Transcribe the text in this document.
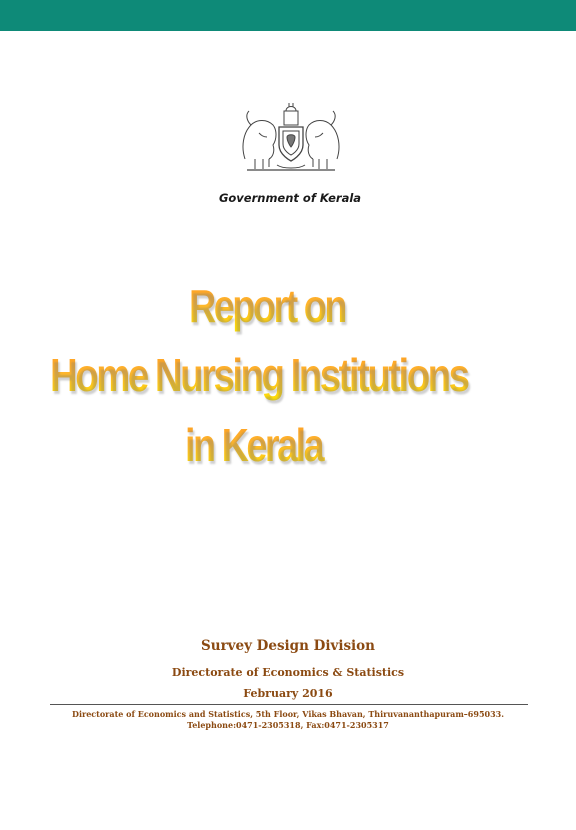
Government of Kerala
Report on
Home Nursing Institutions
in Kerala
Survey Design Division
Directorate of Economics & Statistics
February 2016
Directorate of Economics and Statistics, 5th Floor, Vikas Bhavan, Thiruvananthapuram–695033.
Telephone:0471-2305318, Fax:0471-2305317
